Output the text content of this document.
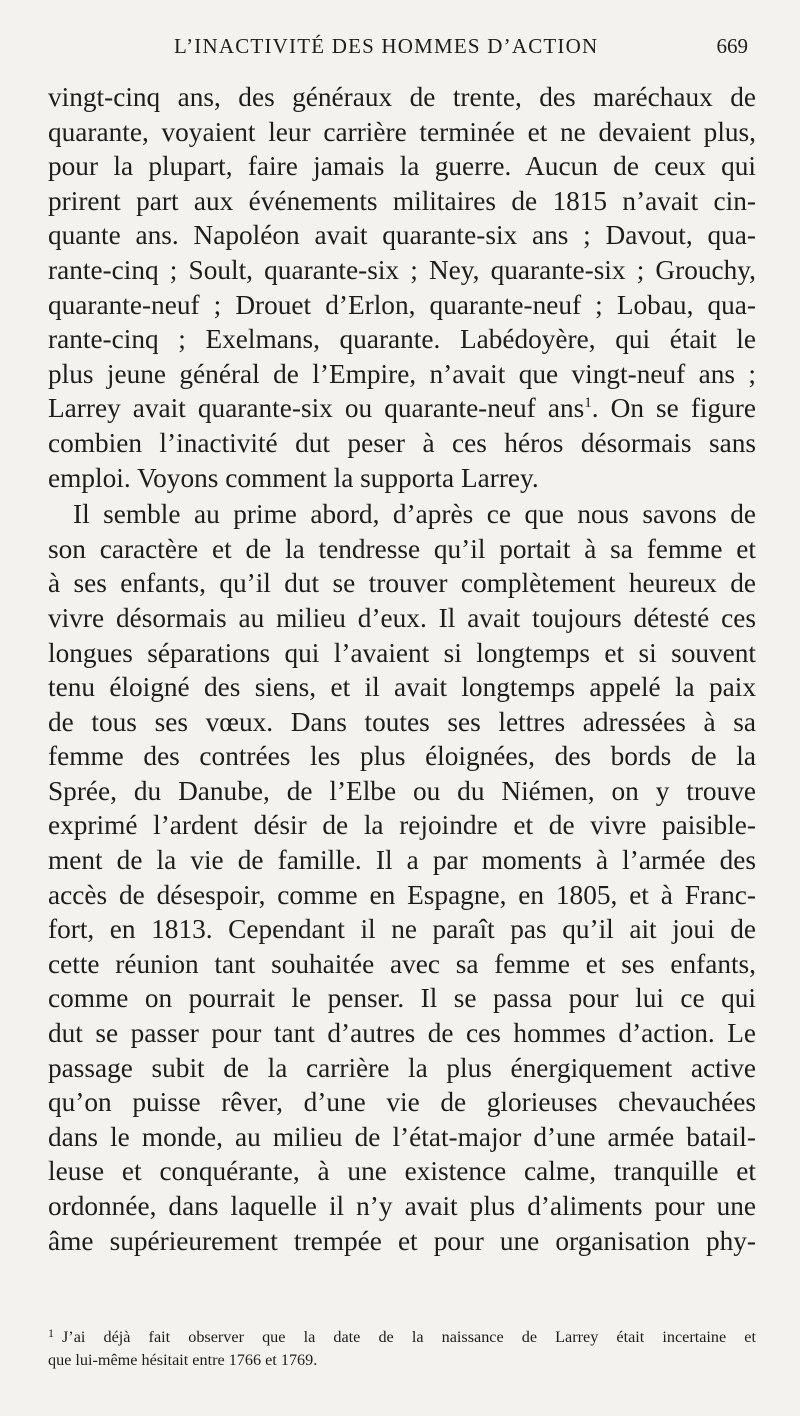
L’INACTIVITÉ DES HOMMES D’ACTION	669
vingt-cinq ans, des généraux de trente, des maréchaux de
quarante, voyaient leur carrière terminée et ne devaient plus,
pour la plupart, faire jamais la guerre. Aucun de ceux qui
prirent part aux événements militaires de 1815 n’avait cin-
quante ans. Napoléon avait quarante-six ans ; Davout, qua-
rante-cinq ; Soult, quarante-six ; Ney, quarante-six ; Grouchy,
quarante-neuf ; Drouet d’Erlon, quarante-neuf ; Lobau, qua-
rante-cinq ; Exelmans, quarante. Labédoyère, qui était le
plus jeune général de l’Empire, n’avait que vingt-neuf ans ;
Larrey avait quarante-six ou quarante-neuf ans$^1$. On se figure
combien l’inactivité dut peser à ces héros désormais sans
emploi. Voyons comment la supporta Larrey.
Il semble au prime abord, d’après ce que nous savons de
son caractère et de la tendresse qu’il portait à sa femme et
à ses enfants, qu’il dut se trouver complètement heureux de
vivre désormais au milieu d’eux. Il avait toujours détesté ces
longues séparations qui l’avaient si longtemps et si souvent
tenu éloigné des siens, et il avait longtemps appelé la paix
de tous ses vœux. Dans toutes ses lettres adressées à sa
femme des contrées les plus éloignées, des bords de la
Sprée, du Danube, de l’Elbe ou du Niémen, on y trouve
exprimé l’ardent désir de la rejoindre et de vivre paisible-
ment de la vie de famille. Il a par moments à l’armée des
accès de désespoir, comme en Espagne, en 1805, et à Franc-
fort, en 1813. Cependant il ne paraît pas qu’il ait joui de
cette réunion tant souhaitée avec sa femme et ses enfants,
comme on pourrait le penser. Il se passa pour lui ce qui
dut se passer pour tant d’autres de ces hommes d’action. Le
passage subit de la carrière la plus énergiquement active
qu’on puisse rêver, d’une vie de glorieuses chevauchées
dans le monde, au milieu de l’état-major d’une armée batail-
leuse et conquérante, à une existence calme, tranquille et
ordonnée, dans laquelle il n’y avait plus d’aliments pour une
âme supérieurement trempée et pour une organisation phy-
1 J’ai déjà fait observer que la date de la naissance de Larrey était incertaine et
que lui-même hésitait entre 1766 et 1769.
